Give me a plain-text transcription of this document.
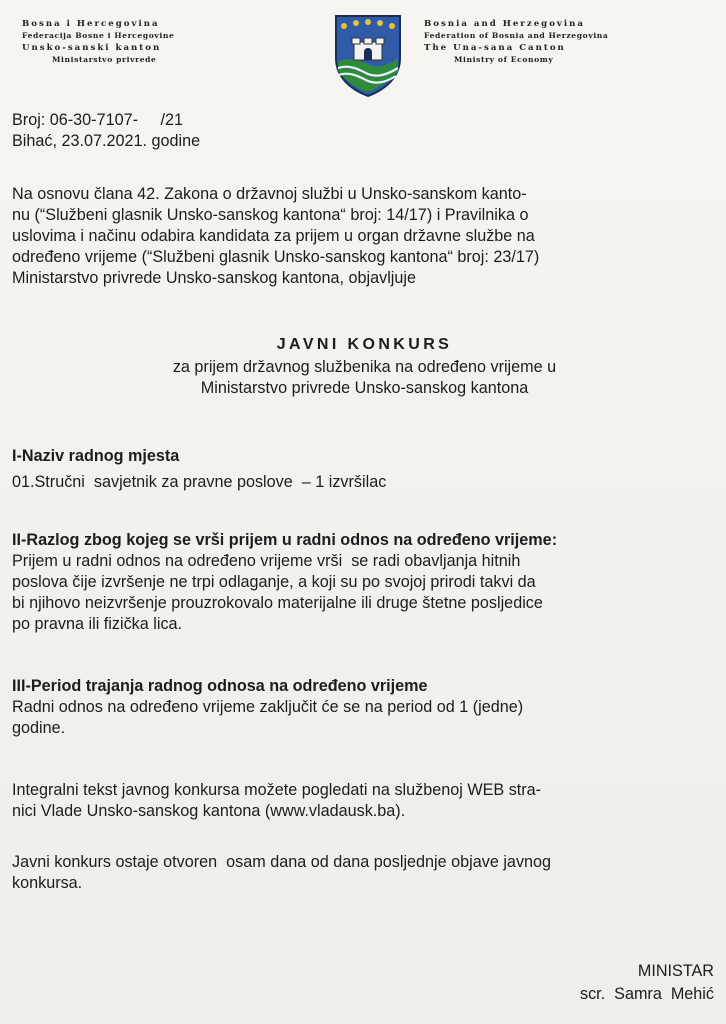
Bosna i Hercegovina
Federacija Bosne i Hercegovine
Unsko-sanski kanton
Ministarstvo privrede
Bosnia and Herzegovina
Federation of Bosnia and Herzegovina
The Una-sana Canton
Ministry of Economy

Broj: 06-30-7107-     /21

Bihać, 23.07.2021. godine

Na osnovu člana 42. Zakona o državnoj službi u Unsko-sanskom kanto-

nu (“Službeni glasnik Unsko-sanskog kantona“ broj: 14/17) i Pravilnika o

uslovima i načinu odabira kandidata za prijem u organ državne službe na

određeno vrijeme (“Službeni glasnik Unsko-sanskog kantona“ broj: 23/17)

Ministarstvo privrede Unsko-sanskog kantona, objavljuje

JAVNI KONKURS

za prijem državnog službenika na određeno vrijeme u

Ministarstvo privrede Unsko-sanskog kantona

I-Naziv radnog mjesta

01.Stručni  savjetnik za pravne poslove  – 1 izvršilac

II-Razlog zbog kojeg se vrši prijem u radni odnos na određeno vrijeme:

Prijem u radni odnos na određeno vrijeme vrši  se radi obavljanja hitnih

poslova čije izvršenje ne trpi odlaganje, a koji su po svojoj prirodi takvi da

bi njihovo neizvršenje prouzrokovalo materijalne ili druge štetne posljedice

po pravna ili fizička lica.

III-Period trajanja radnog odnosa na određeno vrijeme

Radni odnos na određeno vrijeme zaključit će se na period od 1 (jedne)

godine.

Integralni tekst javnog konkursa možete pogledati na službenoj WEB stra-

nici Vlade Unsko-sanskog kantona (www.vladausk.ba).

Javni konkurs ostaje otvoren  osam dana od dana posljednje objave javnog

konkursa.

MINISTAR
scr.  Samra  Mehić
